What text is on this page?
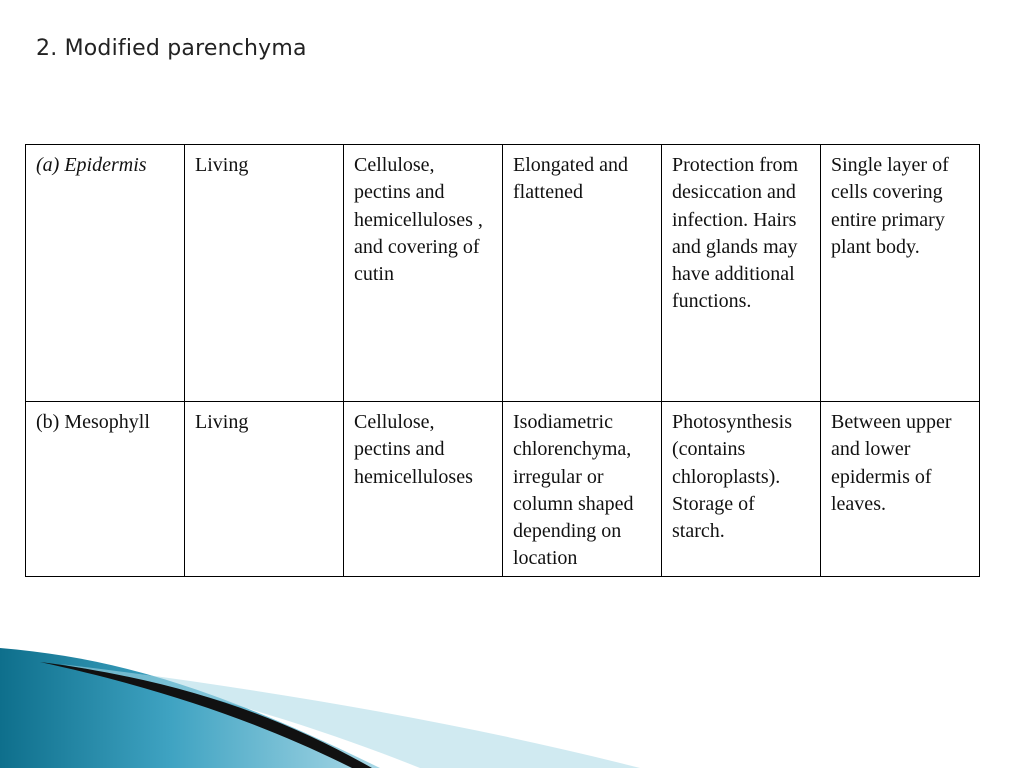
2. Modified parenchyma
(a) Epidermis	Living	Cellulose, pectins and hemicelluloses , and covering of cutin	Elongated and flattened	Protection from desiccation and infection. Hairs and glands may have additional functions.	Single layer of cells covering entire primary plant body.
(b) Mesophyll	Living	Cellulose, pectins and hemicelluloses	Isodiametric chlorenchyma, irregular or column shaped depending on location	Photosynthesis (contains chloroplasts). Storage of starch.	Between upper and lower epidermis of leaves.
